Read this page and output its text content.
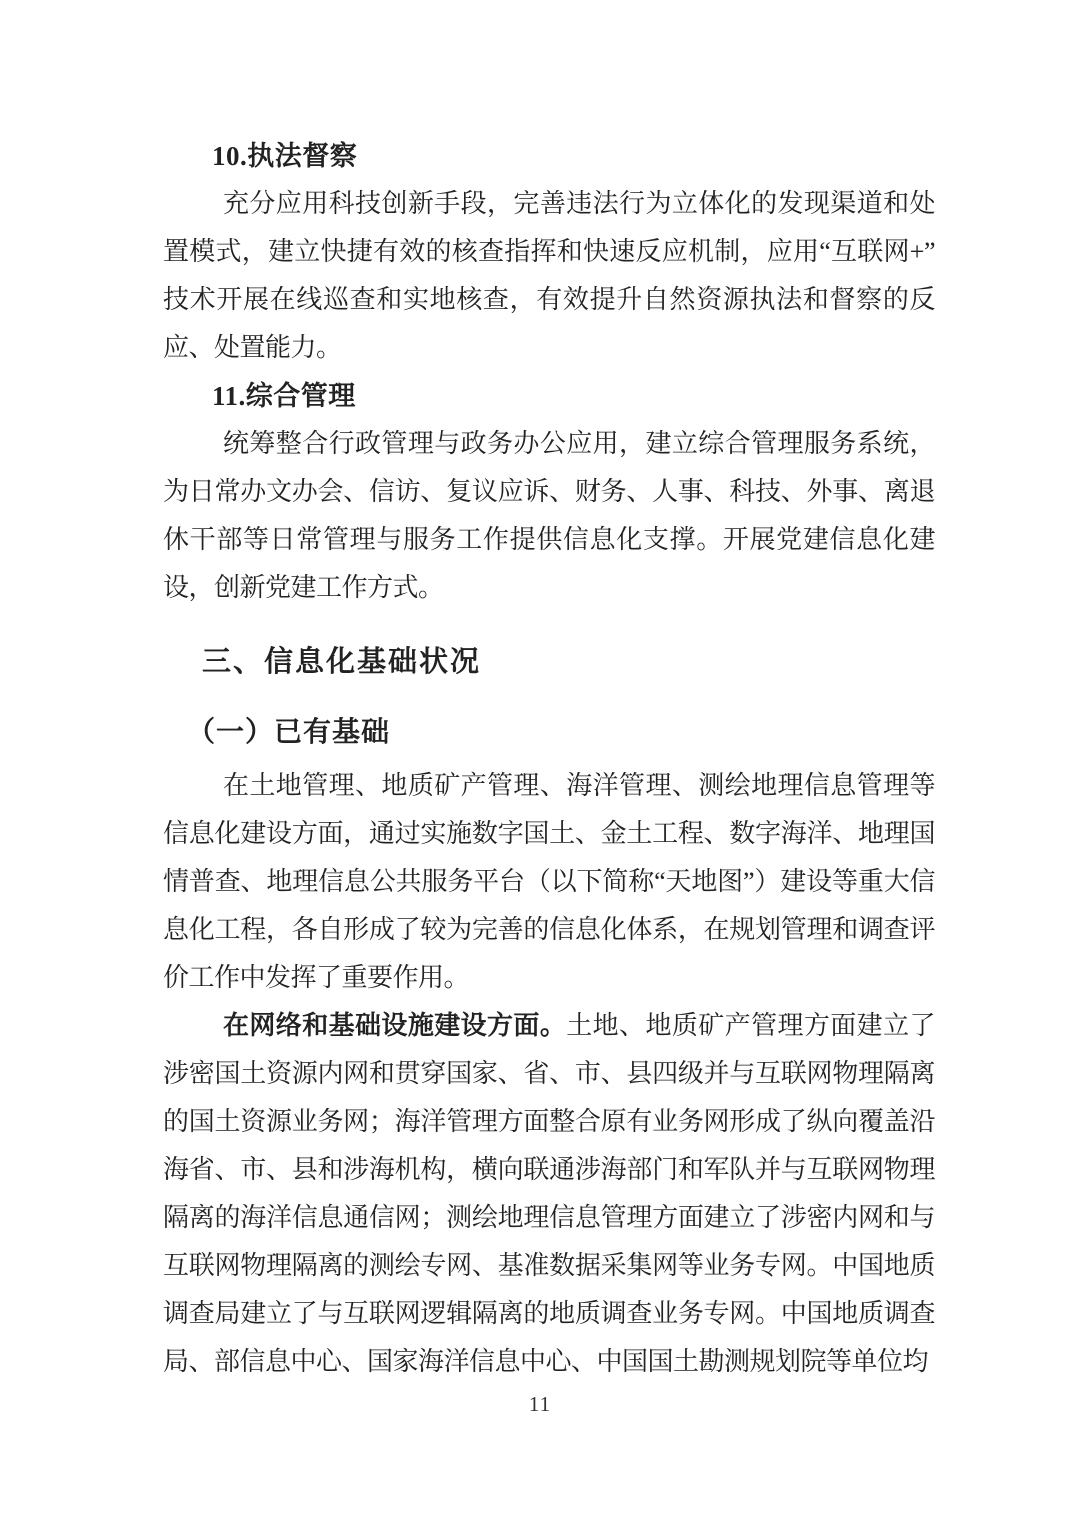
10.执法督察

充分应用科技创新手段，完善违法行为立体化的发现渠道和处置模式，建立快捷有效的核查指挥和快速反应机制，应用“互联网+”技术开展在线巡查和实地核查，有效提升自然资源执法和督察的反应、处置能力。

11.综合管理

统筹整合行政管理与政务办公应用，建立综合管理服务系统，为日常办文办会、信访、复议应诉、财务、人事、科技、外事、离退休干部等日常管理与服务工作提供信息化支撑。开展党建信息化建设，创新党建工作方式。

三、信息化基础状况
（一）已有基础

在土地管理、地质矿产管理、海洋管理、测绘地理信息管理等信息化建设方面，通过实施数字国土、金土工程、数字海洋、地理国情普查、地理信息公共服务平台（以下简称“天地图”）建设等重大信息化工程，各自形成了较为完善的信息化体系，在规划管理和调查评价工作中发挥了重要作用。

在网络和基础设施建设方面。土地、地质矿产管理方面建立了涉密国土资源内网和贯穿国家、省、市、县四级并与互联网物理隔离的国土资源业务网；海洋管理方面整合原有业务网形成了纵向覆盖沿海省、市、县和涉海机构，横向联通涉海部门和军队并与互联网物理隔离的海洋信息通信网；测绘地理信息管理方面建立了涉密内网和与互联网物理隔离的测绘专网、基准数据采集网等业务专网。中国地质调查局建立了与互联网逻辑隔离的地质调查业务专网。中国地质调查局、部信息中心、国家海洋信息中心、中国国土勘测规划院等单位均

11
